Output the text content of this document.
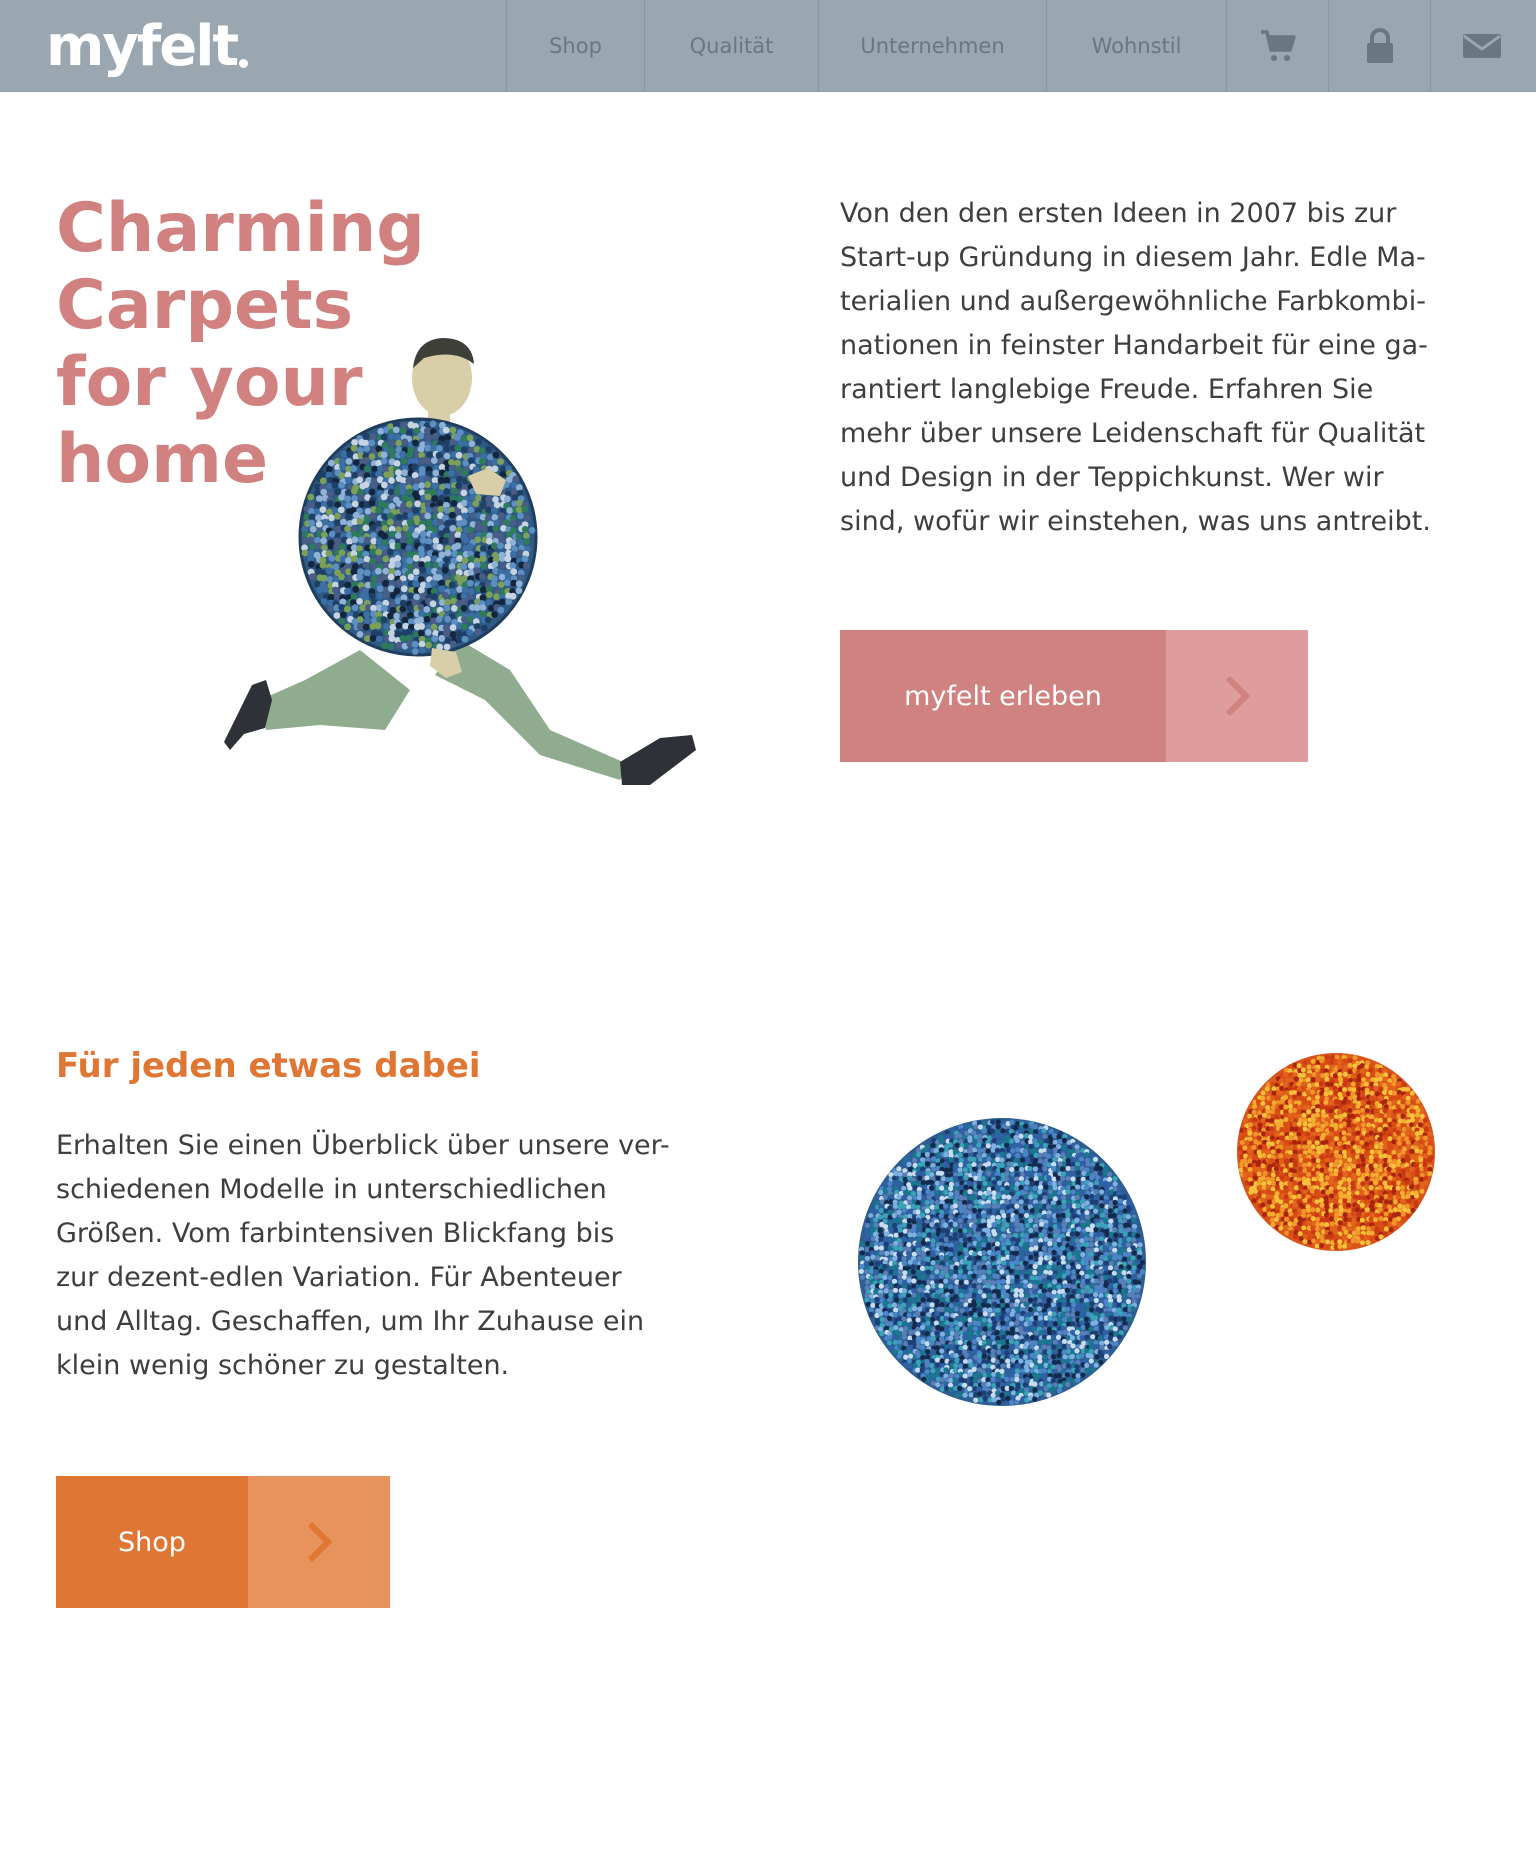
myfelt	Shop	Qualität	Unternehmen	Wohnstil
Charming
Carpets
for your
home

Von den den ersten Ideen in 2007 bis zur
Start-up Gründung in diesem Jahr. Edle Ma-
terialien und außergewöhnliche Farbkombi-
nationen in feinster Handarbeit für eine ga-
rantiert langlebige Freude. Erfahren Sie
mehr über unsere Leidenschaft für Qualität
und Design in der Teppichkunst. Wer wir
sind, wofür wir einstehen, was uns antreibt.

myfelt erleben
Für jeden etwas dabei

Erhalten Sie einen Überblick über unsere ver-
schiedenen Modelle in unterschiedlichen
Größen. Vom farbintensiven Blickfang bis
zur dezent-edlen Variation. Für Abenteuer
und Alltag. Geschaffen, um Ihr Zuhause ein
klein wenig schöner zu gestalten.

Shop
